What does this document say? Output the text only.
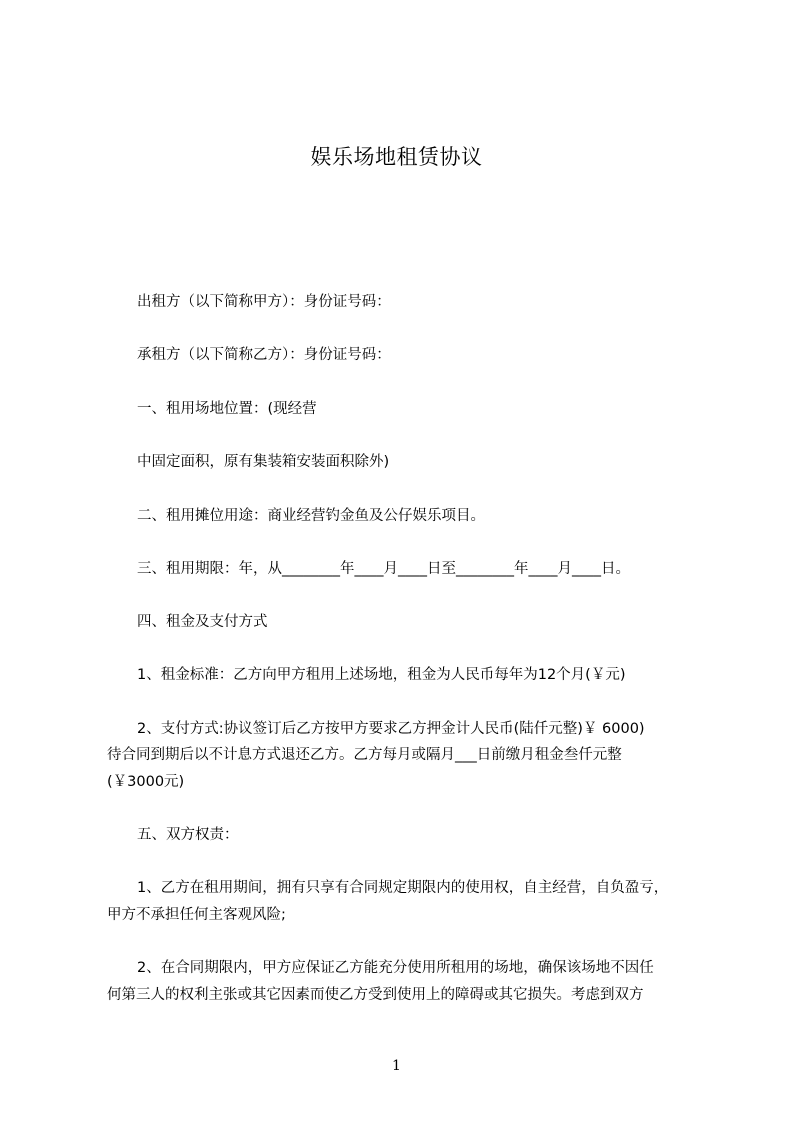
娱乐场地租赁协议
出租方（以下简称甲方）：身份证号码：
承租方（以下简称乙方）：身份证号码：
一、租用场地位置：(现经营
中固定面积，原有集装箱安装面积除外)
二、租用摊位用途：商业经营钓金鱼及公仔娱乐项目。
三、租用期限：年，从________年____月____日至________年____月____日。
四、租金及支付方式
1、租金标准：乙方向甲方租用上述场地，租金为人民币每年为12个月(￥元)
2、支付方式:协议签订后乙方按甲方要求乙方押金计人民币(陆仟元整)￥ 6000)
待合同到期后以不计息方式退还乙方。乙方每月或隔月___日前缴月租金叁仟元整
(￥3000元)
五、双方权责：
1、乙方在租用期间，拥有只享有合同规定期限内的使用权，自主经营，自负盈亏，
甲方不承担任何主客观风险;
2、在合同期限内，甲方应保证乙方能充分使用所租用的场地，确保该场地不因任
何第三人的权利主张或其它因素而使乙方受到使用上的障碍或其它损失。考虑到双方
1
